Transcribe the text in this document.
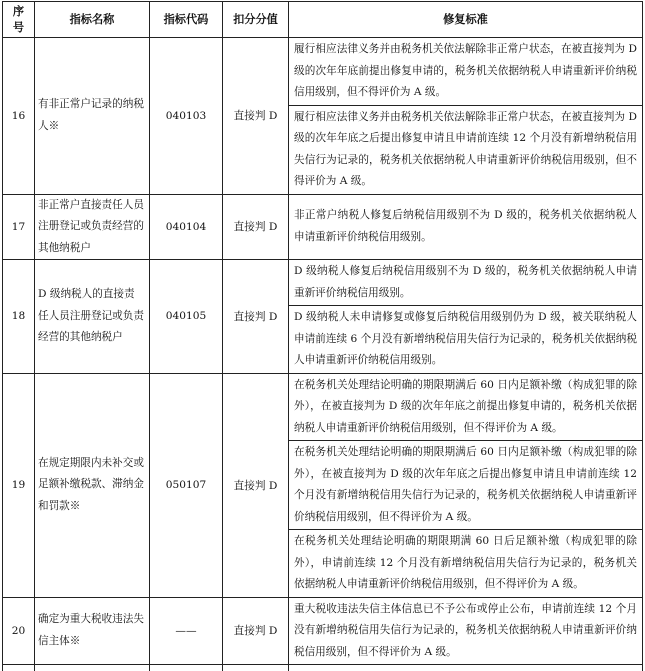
序号	指标名称	指标代码	扣分分值	修复标准
16	有非正常户记录的纳税人※	040103	直接判 D	履行相应法律义务并由税务机关依法解除非正常户状态，在被直接判为 D 级的次年年底前提出修复申请的，税务机关依据纳税人申请重新评价纳税信用级别，但不得评价为 A 级。
				履行相应法律义务并由税务机关依法解除非正常户状态，在被直接判为 D 级的次年年底之后提出修复申请且申请前连续 12 个月没有新增纳税信用失信行为记录的，税务机关依据纳税人申请重新评价纳税信用级别，但不得评价为 A 级。
17	非正常户直接责任人员注册登记或负责经营的其他纳税户	040104	直接判 D	非正常户纳税人修复后纳税信用级别不为 D 级的，税务机关依据纳税人申请重新评价纳税信用级别。
18	D 级纳税人的直接责任人员注册登记或负责经营的其他纳税户	040105	直接判 D	D 级纳税人修复后纳税信用级别不为 D 级的，税务机关依据纳税人申请重新评价纳税信用级别。
				D 级纳税人未申请修复或修复后纳税信用级别仍为 D 级，被关联纳税人申请前连续 6 个月没有新增纳税信用失信行为记录的，税务机关依据纳税人申请重新评价纳税信用级别。
19	在规定期限内未补交或足额补缴税款、滞纳金和罚款※	050107	直接判 D	在税务机关处理结论明确的期限期满后 60 日内足额补缴（构成犯罪的除外），在被直接判为 D 级的次年年底之前提出修复申请的，税务机关依据纳税人申请重新评价纳税信用级别，但不得评价为 A 级。
				在税务机关处理结论明确的期限期满后 60 日内足额补缴（构成犯罪的除外），在被直接判为 D 级的次年年底之后提出修复申请且申请前连续 12 个月没有新增纳税信用失信行为记录的，税务机关依据纳税人申请重新评价纳税信用级别，但不得评价为 A 级。
				在税务机关处理结论明确的期限期满 60 日后足额补缴（构成犯罪的除外），申请前连续 12 个月没有新增纳税信用失信行为记录的，税务机关依据纳税人申请重新评价纳税信用级别，但不得评价为 A 级。
20	确定为重大税收违法失信主体※	——	直接判 D	重大税收违法失信主体信息已不予公布或停止公布，申请前连续 12 个月没有新增纳税信用失信行为记录的，税务机关依据纳税人申请重新评价纳税信用级别，但不得评价为 A 级。
